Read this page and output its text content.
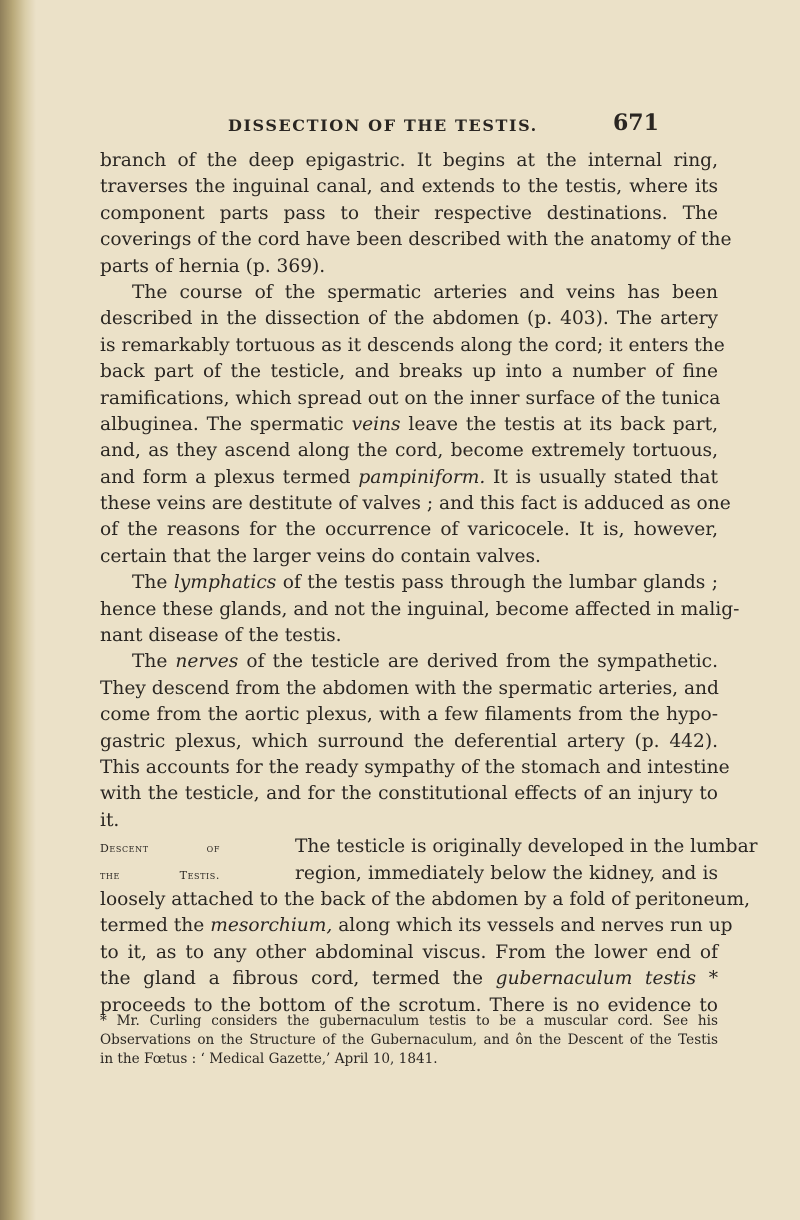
DISSECTION OF THE TESTIS.	671
branch of the deep epigastric. It begins at the internal ring,
traverses the inguinal canal, and extends to the testis, where its
component parts pass to their respective destinations. The
coverings of the cord have been described with the anatomy of the
parts of hernia (p. 369).
The course of the spermatic arteries and veins has been
described in the dissection of the abdomen (p. 403). The artery
is remarkably tortuous as it descends along the cord; it enters the
back part of the testicle, and breaks up into a number of fine
ramifications, which spread out on the inner surface of the tunica
albuginea. The spermatic veins leave the testis at its back part,
and, as they ascend along the cord, become extremely tortuous,
and form a plexus termed pampiniform. It is usually stated that
these veins are destitute of valves ; and this fact is adduced as one
of the reasons for the occurrence of varicocele. It is, however,
certain that the larger veins do contain valves.
The lymphatics of the testis pass through the lumbar glands ;
hence these glands, and not the inguinal, become affected in malig-
nant disease of the testis.
The nerves of the testicle are derived from the sympathetic.
They descend from the abdomen with the spermatic arteries, and
come from the aortic plexus, with a few filaments from the hypo-
gastric plexus, which surround the deferential artery (p. 442).
This accounts for the ready sympathy of the stomach and intestine
with the testicle, and for the constitutional effects of an injury to
it.
Descent of	The testicle is originally developed in the lumbar
the Testis.	region, immediately below the kidney, and is
loosely attached to the back of the abdomen by a fold of peritoneum,
termed the mesorchium, along which its vessels and nerves run up
to it, as to any other abdominal viscus. From the lower end of
the gland a fibrous cord, termed the gubernaculum testis *
proceeds to the bottom of the scrotum. There is no evidence to
* Mr. Curling considers the gubernaculum testis to be a muscular cord. See his
Observations on the Structure of the Gubernaculum, and ôn the Descent of the Testis
in the Fœtus : ‘ Medical Gazette,’ April 10, 1841.
